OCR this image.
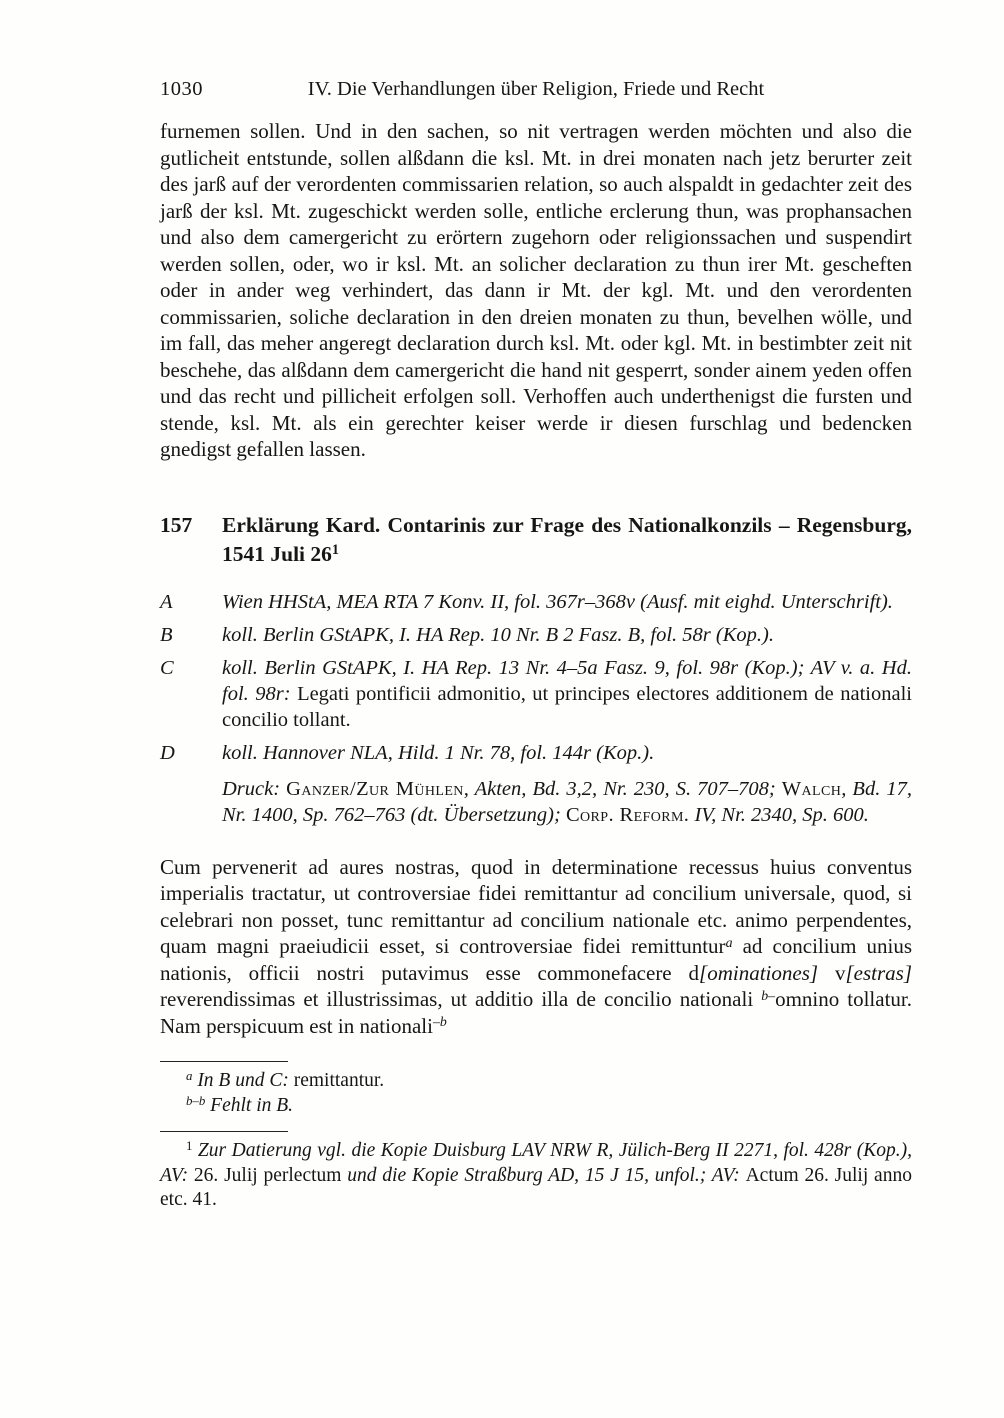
1030	IV. Die Verhandlungen über Religion, Friede und Recht

furnemen sollen. Und in den sachen, so nit vertragen werden möchten und also die gutlicheit entstunde, sollen alßdann die ksl. Mt. in drei monaten nach jetz berurter zeit des jarß auf der verordenten commissarien relation, so auch alspaldt in gedachter zeit des jarß der ksl. Mt. zugeschickt werden solle, entliche erclerung thun, was prophansachen und also dem camergericht zu erörtern zugehorn oder religionssachen und suspendirt werden sollen, oder, wo ir ksl. Mt. an solicher declaration zu thun irer Mt. gescheften oder in ander weg verhindert, das dann ir Mt. der kgl. Mt. und den verordenten commissarien, soliche declaration in den dreien monaten zu thun, bevelhen wölle, und im fall, das meher angeregt declaration durch ksl. Mt. oder kgl. Mt. in bestimbter zeit nit beschehe, das alßdann dem camergericht die hand nit gesperrt, sonder ainem yeden offen und das recht und pillicheit erfolgen soll. Verhoffen auch underthenigst die fursten und stende, ksl. Mt. als ein gerechter keiser werde ir diesen furschlag und bedencken gnedigst gefallen lassen.

157	Erklärung Kard. Contarinis zur Frage des Nationalkonzils – Regensburg, 1541 Juli 26$^1$
A	Wien HHStA, MEA RTA 7 Konv. II, fol. 367r–368v (Ausf. mit eighd. Unterschrift).
B	koll. Berlin GStAPK, I. HA Rep. 10 Nr. B 2 Fasz. B, fol. 58r (Kop.).
C	koll. Berlin GStAPK, I. HA Rep. 13 Nr. 4–5a Fasz. 9, fol. 98r (Kop.); AV v. a. Hd. fol. 98r: Legati pontificii admonitio, ut principes electores additionem de nationali concilio tollant.
D	koll. Hannover NLA, Hild. 1 Nr. 78, fol. 144r (Kop.).
Druck: Ganzer/Zur Mühlen, Akten, Bd. 3,2, Nr. 230, S. 707–708; Walch, Bd. 17, Nr. 1400, Sp. 762–763 (dt. Übersetzung); Corp. Reform. IV, Nr. 2340, Sp. 600.

Cum pervenerit ad aures nostras, quod in determinatione recessus huius conventus imperialis tractatur, ut controversiae fidei remittantur ad concilium universale, quod, si celebrari non posset, tunc remittantur ad concilium nationale etc. animo perpendentes, quam magni praeiudicii esset, si controversiae fidei remittuntur$^a$ ad concilium unius nationis, officii nostri putavimus esse commonefacere d[ominationes] v[estras] reverendissimas et illustrissimas, ut additio illa de concilio nationali $^{b-}$omnino tollatur. Nam perspicuum est in nationali$^{-b}$

$^a$ In B und C: remittantur.

$^{b-b}$ Fehlt in B.

$^1$ Zur Datierung vgl. die Kopie Duisburg LAV NRW R, Jülich-Berg II 2271, fol. 428r (Kop.), AV: 26. Julij perlectum und die Kopie Straßburg AD, 15 J 15, unfol.; AV: Actum 26. Julij anno etc. 41.
